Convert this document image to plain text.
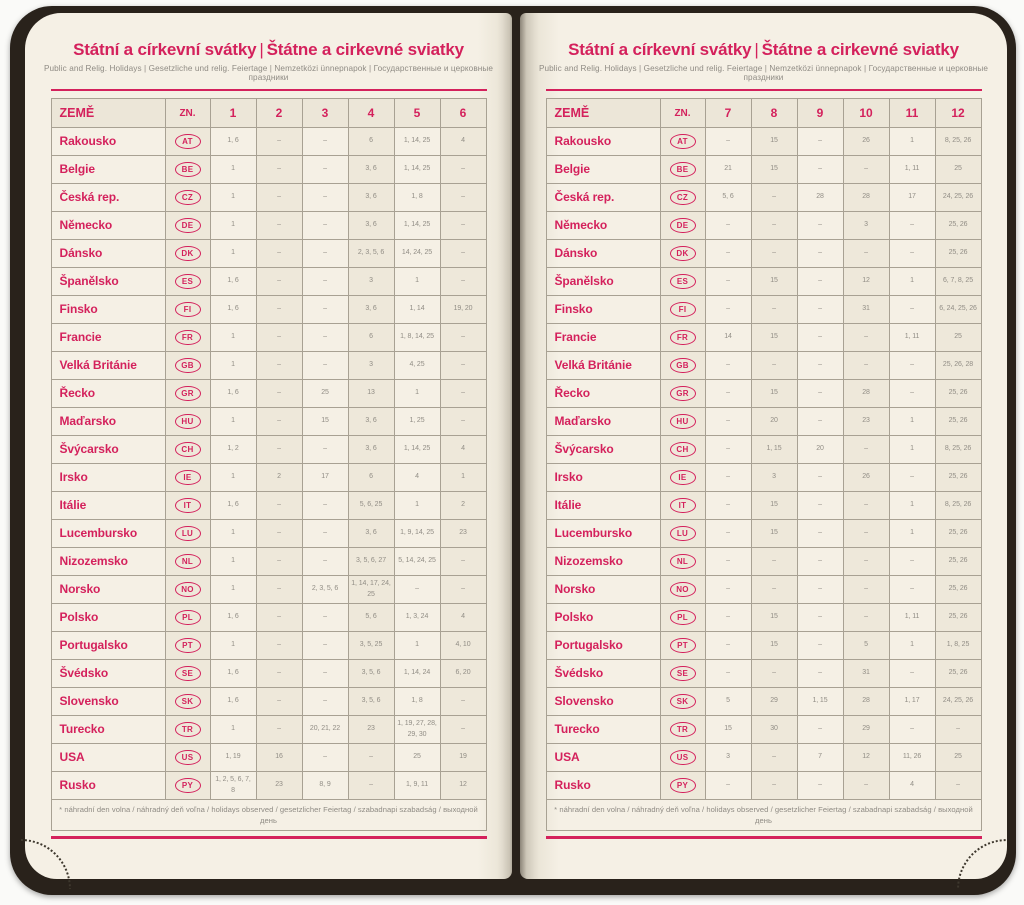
Státní a církevní svátky | Štátne a cirkevné sviatky
Public and Relig. Holidays | Gesetzliche und relig. Feiertage | Nemzetközi ünnepnapok | Государственные и церковные праздники
ZEMĚ	ZN.	1	2	3	4	5	6
Rakousko	AT	1, 6	–	–	6	1, 14, 25	4
Belgie	BE	1	–	–	3, 6	1, 14, 25	–
Česká rep.	CZ	1	–	–	3, 6	1, 8	–
Německo	DE	1	–	–	3, 6	1, 14, 25	–
Dánsko	DK	1	–	–	2, 3, 5, 6	14, 24, 25	–
Španělsko	ES	1, 6	–	–	3	1	–
Finsko	FI	1, 6	–	–	3, 6	1, 14	19, 20
Francie	FR	1	–	–	6	1, 8, 14, 25	–
Velká Británie	GB	1	–	–	3	4, 25	–
Řecko	GR	1, 6	–	25	13	1	–
Maďarsko	HU	1	–	15	3, 6	1, 25	–
Švýcarsko	CH	1, 2	–	–	3, 6	1, 14, 25	4
Irsko	IE	1	2	17	6	4	1
Itálie	IT	1, 6	–	–	5, 6, 25	1	2
Lucembursko	LU	1	–	–	3, 6	1, 9, 14, 25	23
Nizozemsko	NL	1	–	–	3, 5, 6, 27	5, 14, 24, 25	–
Norsko	NO	1	–	2, 3, 5, 6	1, 14, 17, 24, 25	–	–
Polsko	PL	1, 6	–	–	5, 6	1, 3, 24	4
Portugalsko	PT	1	–	–	3, 5, 25	1	4, 10
Švédsko	SE	1, 6	–	–	3, 5, 6	1, 14, 24	6, 20
Slovensko	SK	1, 6	–	–	3, 5, 6	1, 8	–
Turecko	TR	1	–	20, 21, 22	23	1, 19, 27, 28, 29, 30	–
USA	US	1, 19	16	–	–	25	19
Rusko	PY	1, 2, 5, 6, 7, 8	23	8, 9	–	1, 9, 11	12
* náhradní den volna / náhradný deň voľna / holidays observed / gesetzlicher Feiertag / szabadnapi szabadság / выходной день							
Státní a církevní svátky | Štátne a cirkevné sviatky
Public and Relig. Holidays | Gesetzliche und relig. Feiertage | Nemzetközi ünnepnapok | Государственные и церковные праздники
ZEMĚ	ZN.	7	8	9	10	11	12
Rakousko	AT	–	15	–	26	1	8, 25, 26
Belgie	BE	21	15	–	–	1, 11	25
Česká rep.	CZ	5, 6	–	28	28	17	24, 25, 26
Německo	DE	–	–	–	3	–	25, 26
Dánsko	DK	–	–	–	–	–	25, 26
Španělsko	ES	–	15	–	12	1	6, 7, 8, 25
Finsko	FI	–	–	–	31	–	6, 24, 25, 26
Francie	FR	14	15	–	–	1, 11	25
Velká Británie	GB	–	–	–	–	–	25, 26, 28
Řecko	GR	–	15	–	28	–	25, 26
Maďarsko	HU	–	20	–	23	1	25, 26
Švýcarsko	CH	–	1, 15	20	–	1	8, 25, 26
Irsko	IE	–	3	–	26	–	25, 26
Itálie	IT	–	15	–	–	1	8, 25, 26
Lucembursko	LU	–	15	–	–	1	25, 26
Nizozemsko	NL	–	–	–	–	–	25, 26
Norsko	NO	–	–	–	–	–	25, 26
Polsko	PL	–	15	–	–	1, 11	25, 26
Portugalsko	PT	–	15	–	5	1	1, 8, 25
Švédsko	SE	–	–	–	31	–	25, 26
Slovensko	SK	5	29	1, 15	28	1, 17	24, 25, 26
Turecko	TR	15	30	–	29	–	–
USA	US	3	–	7	12	11, 26	25
Rusko	PY	–	–	–	–	4	–
* náhradní den volna / náhradný deň voľna / holidays observed / gesetzlicher Feiertag / szabadnapi szabadság / выходной день							
